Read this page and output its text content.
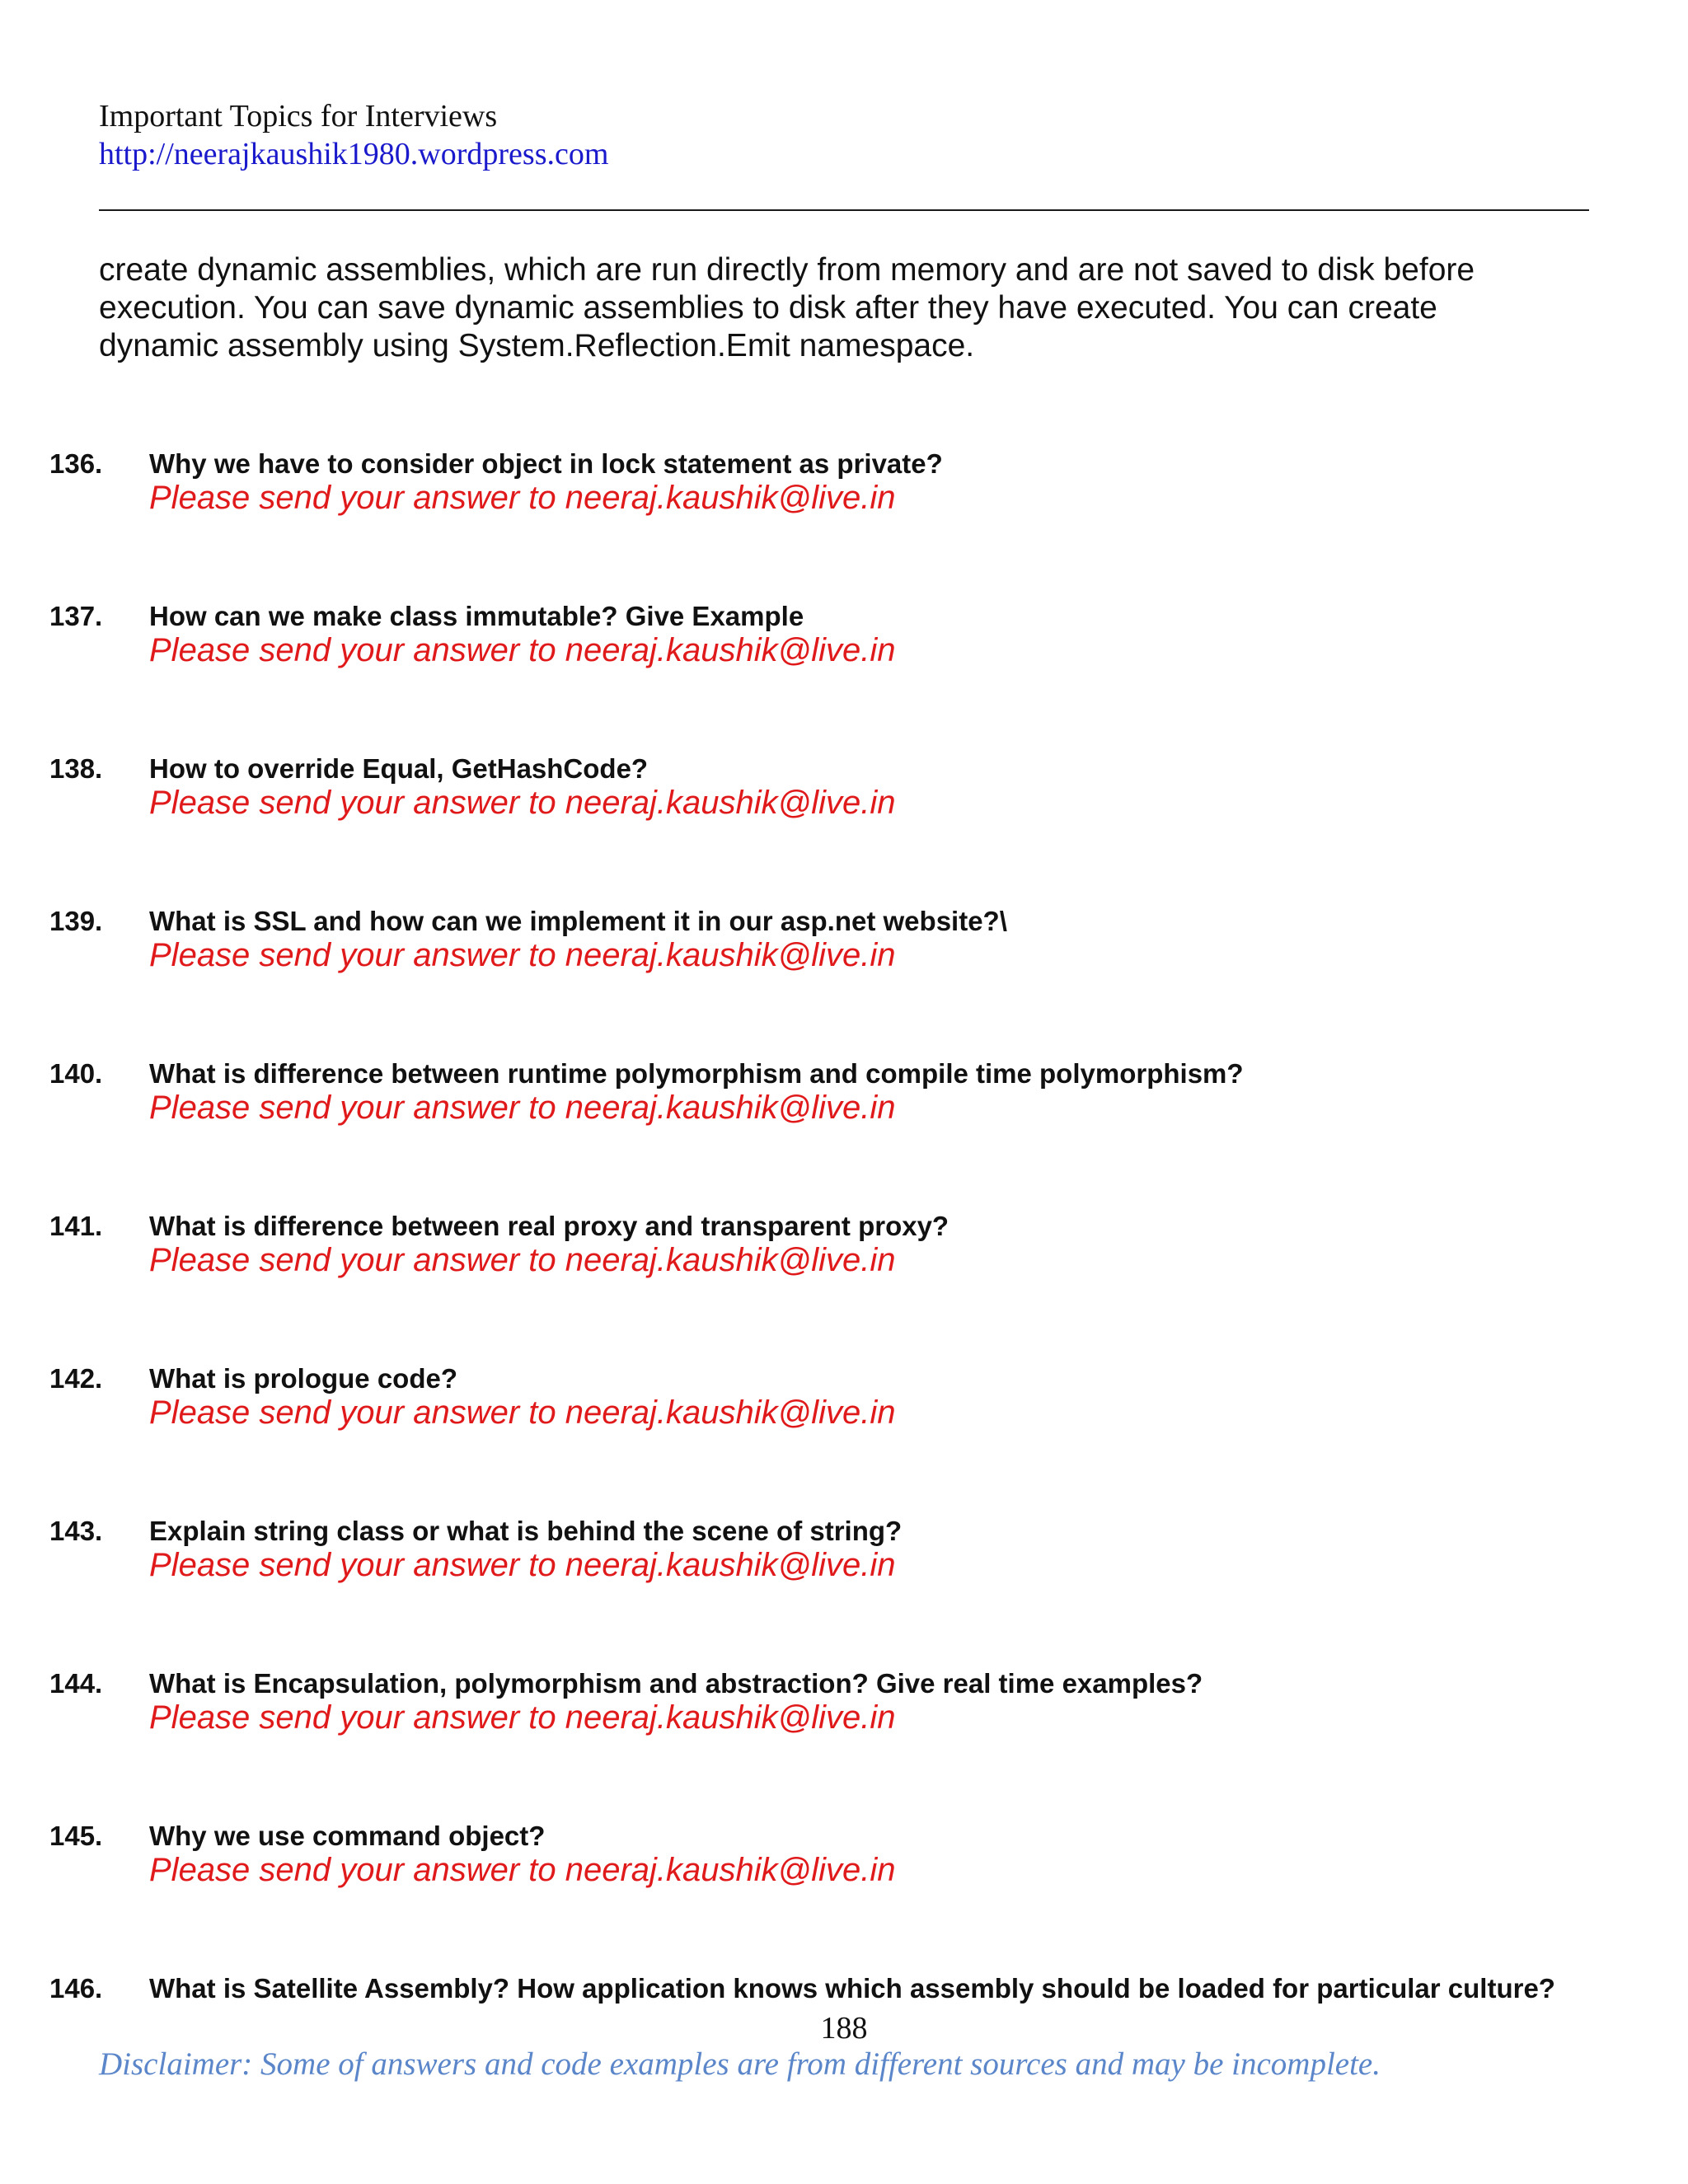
Important Topics for Interviews
http://neerajkaushik1980.wordpress.com
create dynamic assemblies, which are run directly from memory and are not saved to disk before
execution. You can save dynamic assemblies to disk after they have executed. You can create
dynamic assembly using System.Reflection.Emit namespace.
136. Why we have to consider object in lock statement as private?
Please send your answer to neeraj.kaushik@live.in
137. How can we make class immutable? Give Example
Please send your answer to neeraj.kaushik@live.in
138. How to override Equal, GetHashCode?
Please send your answer to neeraj.kaushik@live.in
139. What is SSL and how can we implement it in our asp.net website?\
Please send your answer to neeraj.kaushik@live.in
140. What is difference between runtime polymorphism and compile time polymorphism?
Please send your answer to neeraj.kaushik@live.in
141. What is difference between real proxy and transparent proxy?
Please send your answer to neeraj.kaushik@live.in
142. What is prologue code?
Please send your answer to neeraj.kaushik@live.in
143. Explain string class or what is behind the scene of string?
Please send your answer to neeraj.kaushik@live.in
144. What is Encapsulation, polymorphism and abstraction? Give real time examples?
Please send your answer to neeraj.kaushik@live.in
145. Why we use command object?
Please send your answer to neeraj.kaushik@live.in
146. What is Satellite Assembly? How application knows which assembly should be loaded for particular culture?
188
Disclaimer: Some of answers and code examples are from different sources and may be incomplete.
